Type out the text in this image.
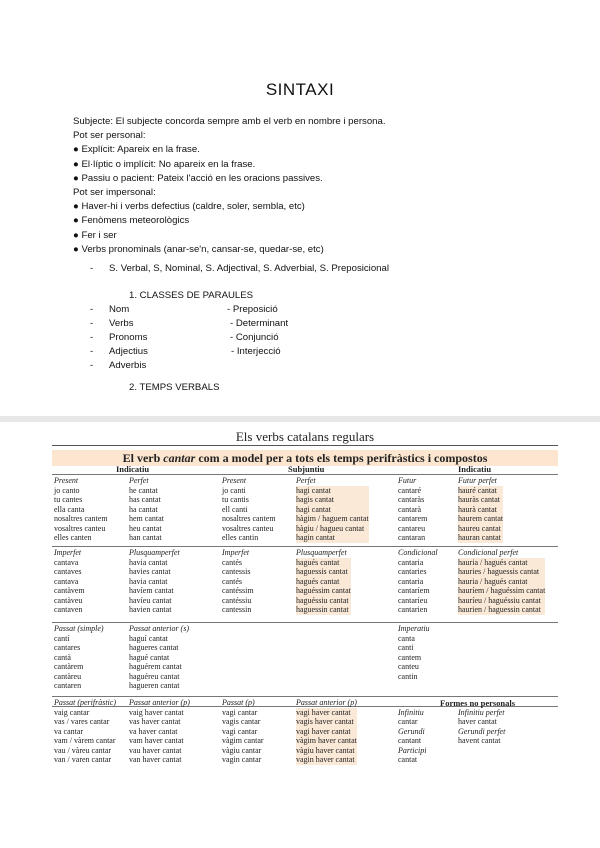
SINTAXI
Subjecte: El subjecte concorda sempre amb el verb en nombre i persona.
Pot ser personal:
● Explícit: Apareix en la frase.
● El·líptic o implícit: No apareix en la frase.
● Passiu o pacient: Pateix l'acció en les oracions passives.
Pot ser impersonal:
● Haver-hi i verbs defectius (caldre, soler, sembla, etc)
● Fenòmens meteorològics
● Fer i ser
● Verbs pronominals (anar-se'n, cansar-se, quedar-se, etc)
- S. Verbal, S, Nominal, S. Adjectival, S. Adverbial, S. Preposicional
1. CLASSES DE PARAULES
- Nom
- Verbs
- Pronoms
- Adjectius
- Adverbis
- Preposició
- Determinant
- Conjunció
- Interjecció
2. TEMPS VERBALS
Els verbs catalans regulars
El verb cantar com a model per a tots els temps perifràstics i compostos
Indicatiu	Subjuntiu	Indicatiu
Present
jo canto
tu cantes
ella canta
nosaltres cantem
vosaltres canteu
elles canten
Perfet
he cantat
has cantat
ha cantat
hem cantat
heu cantat
han cantat
Present
jo canti
tu cantis
ell canti
nosaltres cantem
vosaltres canteu
elles cantin
Perfet
hagi cantat
hagis cantat
hagi cantat
hàgim / haguem cantat
hàgiu / hagueu cantat
hagin cantat
Futur
cantaré
cantaràs
cantarà
cantarem
cantareu
cantaran
Futur perfet
hauré cantat
hauràs cantat
haurà cantat
haurem cantat
haureu cantat
hauran cantat
Imperfet
cantava
cantaves
cantava
cantàvem
cantàveu
cantaven
Plusquamperfet
havia cantat
havies cantat
havia cantat
havíem cantat
havíeu cantat
havien cantat
Imperfet
cantés
cantessis
cantés
cantéssim
cantéssiu
cantessin
Plusquamperfet
hagués cantat
haguessis cantat
hagués cantat
haguéssim cantat
haguéssiu cantat
haguessin cantat
Condicional
cantaria
cantaries
cantaria
cantaríem
cantaríeu
cantarien
Condicional perfet
hauria / hagués cantat
hauries / haguessis cantat
hauria / hagués cantat
hauríem / haguéssim cantat
hauríeu / haguéssiu cantat
haurien / haguessin cantat
Passat (simple)
cantí
cantares
cantà
cantàrem
cantàreu
cantaren
Passat anterior (s)
haguí cantat
hagueres cantat
hagué cantat
haguérem cantat
haguéreu cantat
hagueren cantat
Imperatiu
canta
canti
cantem
canteu
cantin
Passat (perifràstic)
vaig cantar
vas / vares cantar
va cantar
vam / vàrem cantar
vau / vàreu cantar
van / varen cantar
Passat anterior (p)
vaig haver cantat
vas haver cantat
va haver cantat
vam haver cantat
vau haver cantat
van haver cantat
Passat (p)
vagi cantar
vagis cantar
vagi cantar
vàgim cantar
vàgiu cantar
vagin cantar
Passat anterior (p)
vagi haver cantat
vagis haver cantat
vagi haver cantat
vàgim haver cantat
vàgiu haver cantat
vagin haver cantat
Formes no personals
Infinitiu
cantar
Infinitiu perfet
haver cantat
Gerundi
cantant
Gerundi perfet
havent cantat
Participi
cantat
